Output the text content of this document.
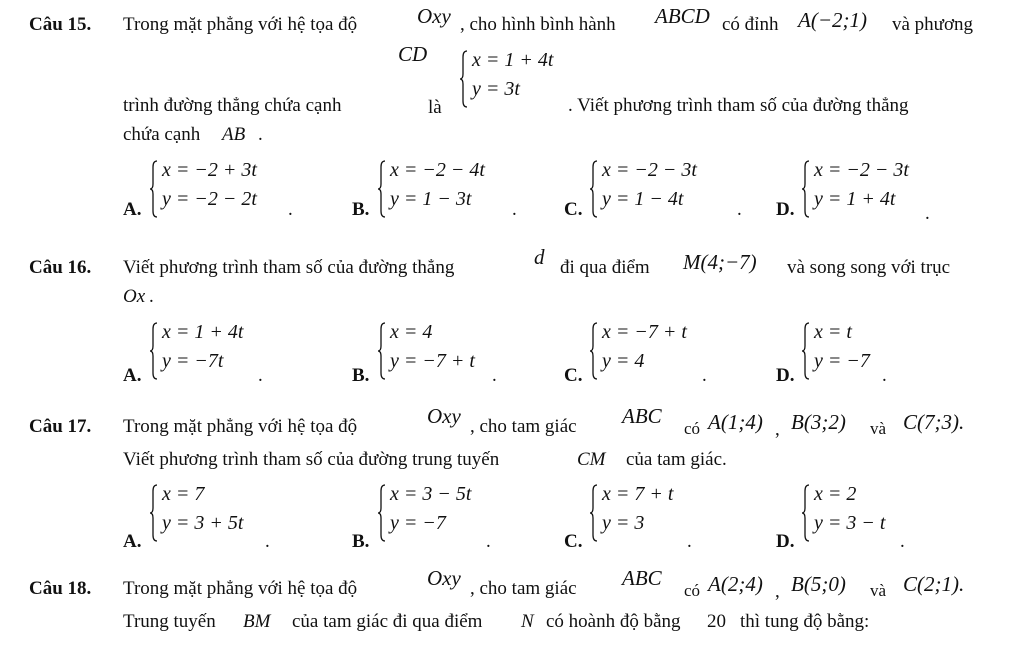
Câu 15. Trong mặt phẳng với hệ tọa độ	Oxy , cho hình bình hành ABCD có đỉnh A(−2;1) và phương
CD
trình đường thẳng chứa cạnh	là
x = 1 + 4t
y = 3t
. Viết phương trình tham số của đường thẳng
chứa cạnh AB .
A.
x = −2 + 3t
y = −2 − 2t .	B.
x = −2 − 4t
y = 1 − 3t . C.
x = −2 − 3t
y = 1 − 4t	. D.
x = −2 − 3t
y = 1 + 4t
.
Câu 16. Viết phương trình tham số của đường thẳng	d đi qua điểm M(4;−7) và song song với trục
Ox .
A.
x = 1 + 4t
y = −7t
.	B.
x = 4
y = −7 + t
.	C.
x = −7 + t
y = 4
.	D.
x = t
y = −7
.
Câu 17. Trong mặt phẳng với hệ tọa độ	Oxy , cho tam giác ABC
có A(1;4) , B(3;2) và C(7;3).
Viết phương trình tham số của đường trung tuyến	CM của tam giác.
A.
x = 7
y = 3 + 5t
.	B.
x = 3 − 5t
y = −7
.	C.
x = 7 + t
y = 3
.	D.
x = 2
y = 3 − t
.
Câu 18. Trong mặt phẳng với hệ tọa độ	Oxy , cho tam giác ABC
có A(2;4) , B(5;0) và C(2;1).
Trung tuyến BM của tam giác đi qua điểm N có hoành độ bằng 20 thì tung độ bằng:
